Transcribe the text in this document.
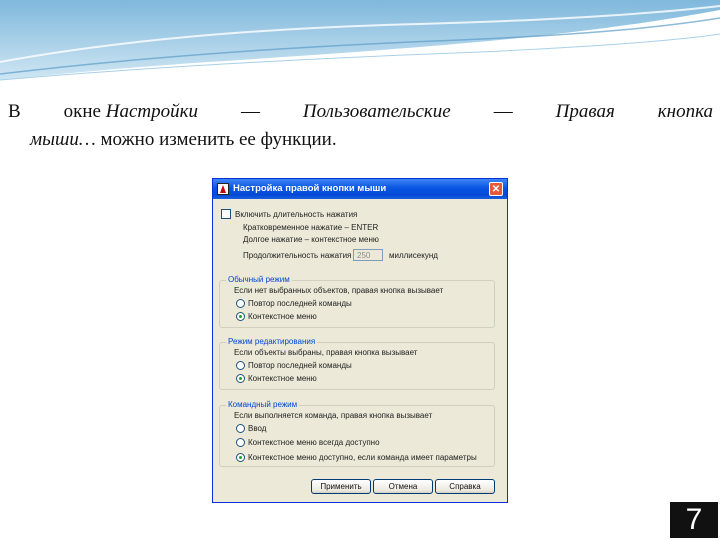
В окне Настройки — Пользовательские — Правая кнопка
мыши… можно изменить ее функции.
Настройка правой кнопки мыши	✕
Включить длительность нажатия
Кратковременное нажатие – ENTER
Долгое нажатие – контекстное меню
Продолжительность нажатия 250	миллисекунд
Обычный режим
Если нет выбранных объектов, правая кнопка вызывает
Повтор последней команды
Контекстное меню
Режим редактирования
Если объекты выбраны, правая кнопка вызывает
Повтор последней команды
Контекстное меню
Командный режим
Если выполняется команда, правая кнопка вызывает
Ввод
Контекстное меню всегда доступно
Контекстное меню доступно, если команда имеет параметры
Применить	Отмена	Справка
7
